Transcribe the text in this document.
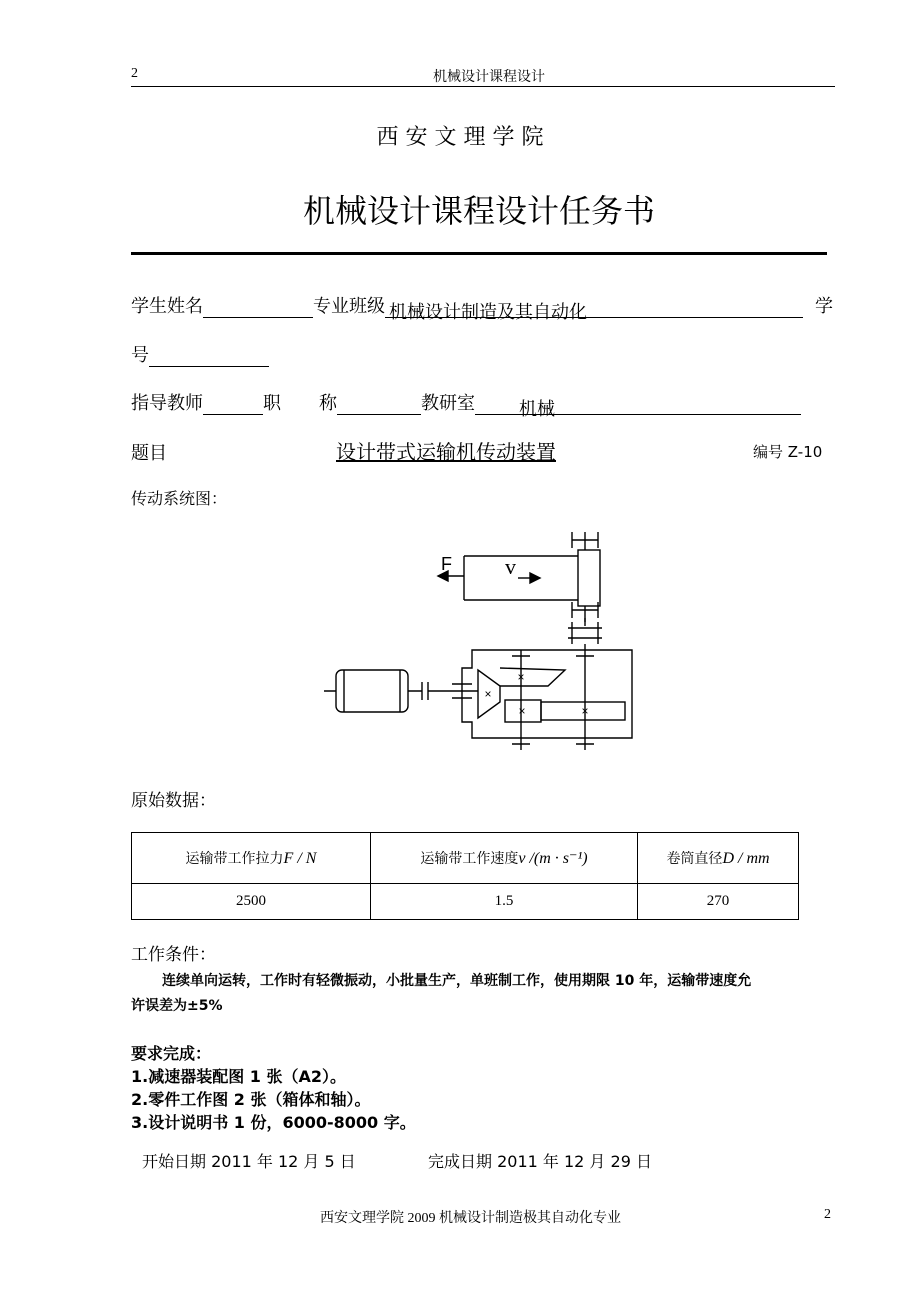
2	机械设计课程设计
西 安 文 理 学 院
机械设计课程设计任务书
学生姓名	专业班级 机械设计制造及其自动化	学
号
指导教师	职 称	教研室 机械
题目	设计带式运输机传动装置	编号 Z-10
传动系统图：
F v
×
×
×	×
原始数据：
运输带工作拉力F / N	运输带工作速度v /(m · s⁻¹)	卷筒直径D / mm
2500	1.5	270
工作条件：
连续单向运转，工作时有轻微振动，小批量生产，单班制工作，使用期限 10 年，运输带速度允
许误差为±5%
要求完成：
1.减速器装配图 1 张（A2）。
2.零件工作图 2 张（箱体和轴）。
3.设计说明书 1 份，6000-8000 字。
开始日期 2011 年 12 月 5 日	完成日期 2011 年 12 月 29 日
西安文理学院 2009 机械设计制造极其自动化专业	2
